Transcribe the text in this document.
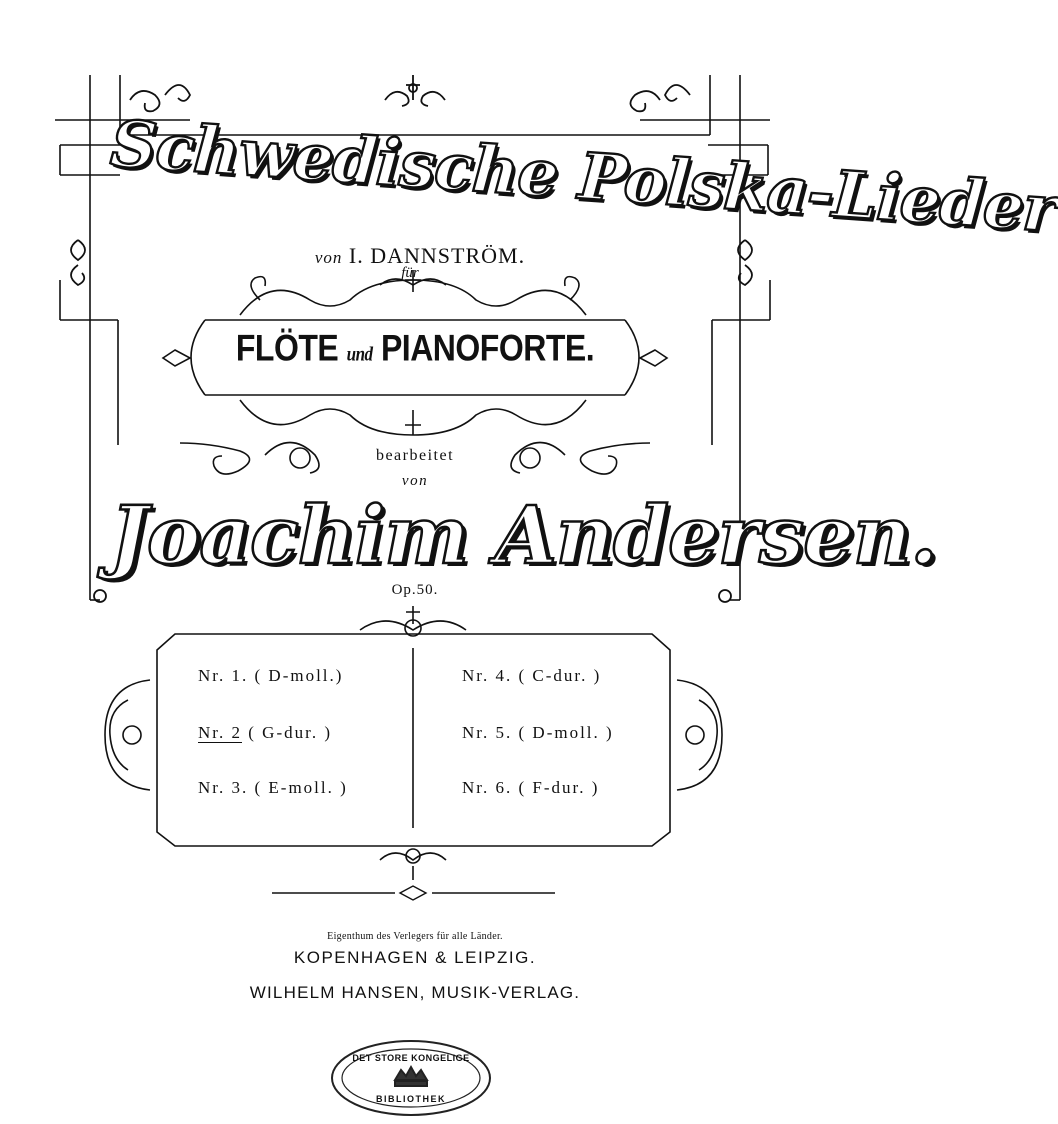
Schwedische Polska-Lieder
von I. DANNSTRÖM.
für
FLÖTE und PIANOFORTE.
bearbeitet
von
Joachim Andersen.
Op.50.
Nr. 1. ( D-moll.)
Nr. 2 ( G-dur. )
Nr. 3. ( E-moll. )
Nr. 4. ( C-dur. )
Nr. 5. ( D-moll. )
Nr. 6. ( F-dur. )
Eigenthum des Verlegers für alle Länder.
KOPENHAGEN & LEIPZIG.
WILHELM HANSEN, MUSIK-VERLAG.
DET STORE KONGELIGE
BIBLIOTHEK
